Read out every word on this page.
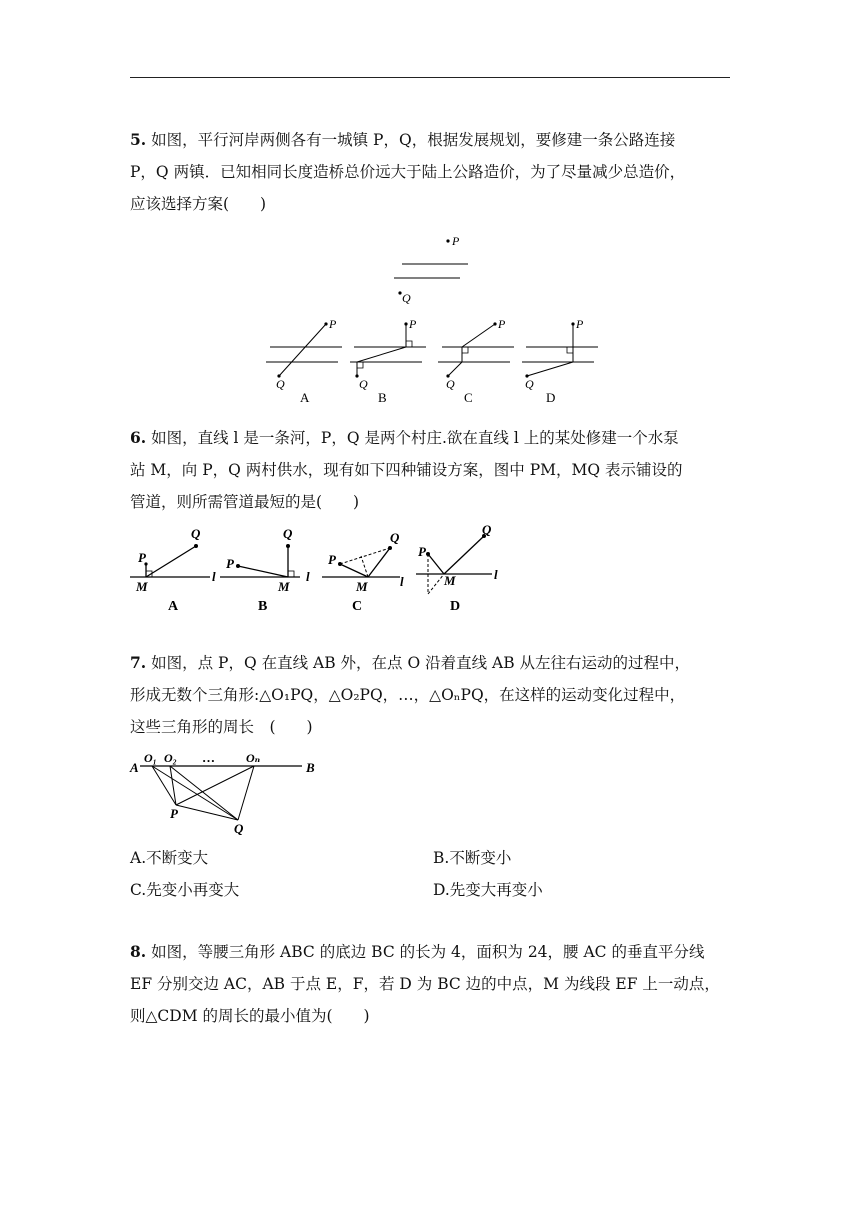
5. 如图，平行河岸两侧各有一城镇 P，Q，根据发展规划，要修建一条公路连接

P，Q 两镇．已知相同长度造桥总价远大于陆上公路造价，为了尽量减少总造价，

应该选择方案(　　)

P
Q
P
Q
A
P
Q
B
P
Q
C
P
Q
D

6. 如图，直线 l 是一条河，P，Q 是两个村庄.欲在直线 l 上的某处修建一个水泵

站 M，向 P，Q 两村供水，现有如下四种铺设方案，图中 PM，MQ 表示铺设的

管道，则所需管道最短的是(　　)

P
Q
M
l
A
P
Q
M
l
B
P
Q
M l
C
P
Q
M	l
D

7. 如图，点 P，Q 在直线 AB 外，在点 O 沿着直线 AB 从左往右运动的过程中，

形成无数个三角形:△O₁PQ，△O₂PQ，…，△OₙPQ，在这样的运动变化过程中，

这些三角形的周长　(　　)

A
O₁ O₂ …	Oₙ
B
P
Q
A.不断变大	B.不断变小
C.先变小再变大	D.先变大再变小

8. 如图，等腰三角形 ABC 的底边 BC 的长为 4，面积为 24，腰 AC 的垂直平分线

EF 分别交边 AC，AB 于点 E，F，若 D 为 BC 边的中点，M 为线段 EF 上一动点，

则△CDM 的周长的最小值为(　　)
